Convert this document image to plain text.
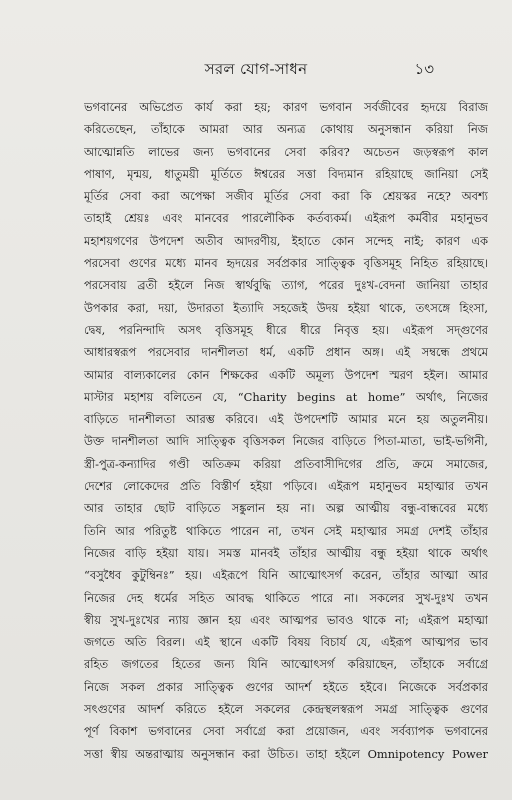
সরল যোগ-সাধন	১৩
ভগবানের অভিপ্রেত কার্য করা হয়; কারণ ভগবান সর্বজীবের হৃদয়ে বিরাজ
করিতেছেন, তাঁহাকে আমরা আর অন্যত্র কোথায় অনুসন্ধান করিয়া নিজ
আত্মোন্নতি লাভের জন্য ভগবানের সেবা করিব? অচেতন জড়স্বরূপ কাল
পাষাণ, মৃন্ময়, ধাতুময়ী মূর্তিতে ঈশ্বরের সত্তা বিদ্যমান রহিয়াছে জানিয়া সেই
মূর্তির সেবা করা অপেক্ষা সজীব মূর্তির সেবা করা কি শ্রেয়স্কর নহে? অবশ্য
তাহাই শ্রেয়ঃ এবং মানবের পারলৌকিক কর্তব্যকর্ম। এইরূপ কর্মবীর মহানুভব
মহাশয়গণের উপদেশ অতীব আদরণীয়, ইহাতে কোন সন্দেহ নাই; কারণ এক
পরসেবা গুণের মধ্যে মানব হৃদয়ের সর্বপ্রকার সাত্ত্বিক বৃত্তিসমূহ নিহিত রহিয়াছে।
পরসেবায় ব্রতী হইলে নিজ স্বার্থবুদ্ধি ত্যাগ, পরের দুঃখ-বেদনা জানিয়া তাহার
উপকার করা, দয়া, উদারতা ইত্যাদি সহজেই উদয় হইয়া থাকে, তৎসঙ্গে হিংসা,
দ্বেষ, পরনিন্দাদি অসৎ বৃত্তিসমূহ ধীরে ধীরে নিবৃত্ত হয়। এইরূপ সদ্গুণের
আধারস্বরূপ পরসেবার দানশীলতা ধর্ম, একটি প্রধান অঙ্গ। এই সম্বন্ধে প্রথমে
আমার বাল্যকালের কোন শিক্ষকের একটি অমূল্য উপদেশ স্মরণ হইল। আমার
মাস্টার মহাশয় বলিতেন যে, “Charity begins at home” অর্থাৎ, নিজের
বাড়িতে দানশীলতা আরম্ভ করিবে। এই উপদেশটি আমার মনে হয় অতুলনীয়।
উক্ত দানশীলতা আদি সাত্ত্বিক বৃত্তিসকল নিজের বাড়িতে পিতা-মাতা, ভাই-ভগিনী,
স্ত্রী-পুত্র-কন্যাদির গণ্ডী অতিক্রম করিয়া প্রতিবাসীদিগের প্রতি, ক্রমে সমাজের,
দেশের লোকেদের প্রতি বিস্তীর্ণ হইয়া পড়িবে। এইরূপ মহানুভব মহাত্মার তখন
আর তাহার ছোট বাড়িতে সঙ্কুলান হয় না। অল্প আত্মীয় বন্ধু-বান্ধবের মধ্যে
তিনি আর পরিতুষ্ট থাকিতে পারেন না, তখন সেই মহাত্মার সমগ্র দেশই তাঁহার
নিজের বাড়ি হইয়া যায়। সমস্ত মানবই তাঁহার আত্মীয় বন্ধু হইয়া থাকে অর্থাৎ
“বসুধৈব কুটুম্বিনঃ” হয়। এইরূপে যিনি আত্মোৎসর্গ করেন, তাঁহার আত্মা আর
নিজের দেহ ধর্মের সহিত আবদ্ধ থাকিতে পারে না। সকলের সুখ-দুঃখ তখন
স্বীয় সুখ-দুঃখের ন্যায় জ্ঞান হয় এবং আত্মপর ভাবও থাকে না; এইরূপ মহাত্মা
জগতে অতি বিরল। এই স্থানে একটি বিষয় বিচার্য যে, এইরূপ আত্মপর ভাব
রহিত জগতের হিতের জন্য যিনি আত্মোৎসর্গ করিয়াছেন, তাঁহাকে সর্বাগ্রে
নিজে সকল প্রকার সাত্ত্বিক গুণের আদর্শ হইতে হইবে। নিজেকে সর্বপ্রকার
সৎগুণের আদর্শ করিতে হইলে সকলের কেন্দ্রস্থলস্বরূপ সমগ্র সাত্ত্বিক গুণের
পূর্ণ বিকাশ ভগবানের সেবা সর্বাগ্রে করা প্রয়োজন, এবং সর্বব্যাপক ভগবানের
সত্তা স্বীয় অন্তরাত্মায় অনুসন্ধান করা উচিত। তাহা হইলে Omnipotency Power
